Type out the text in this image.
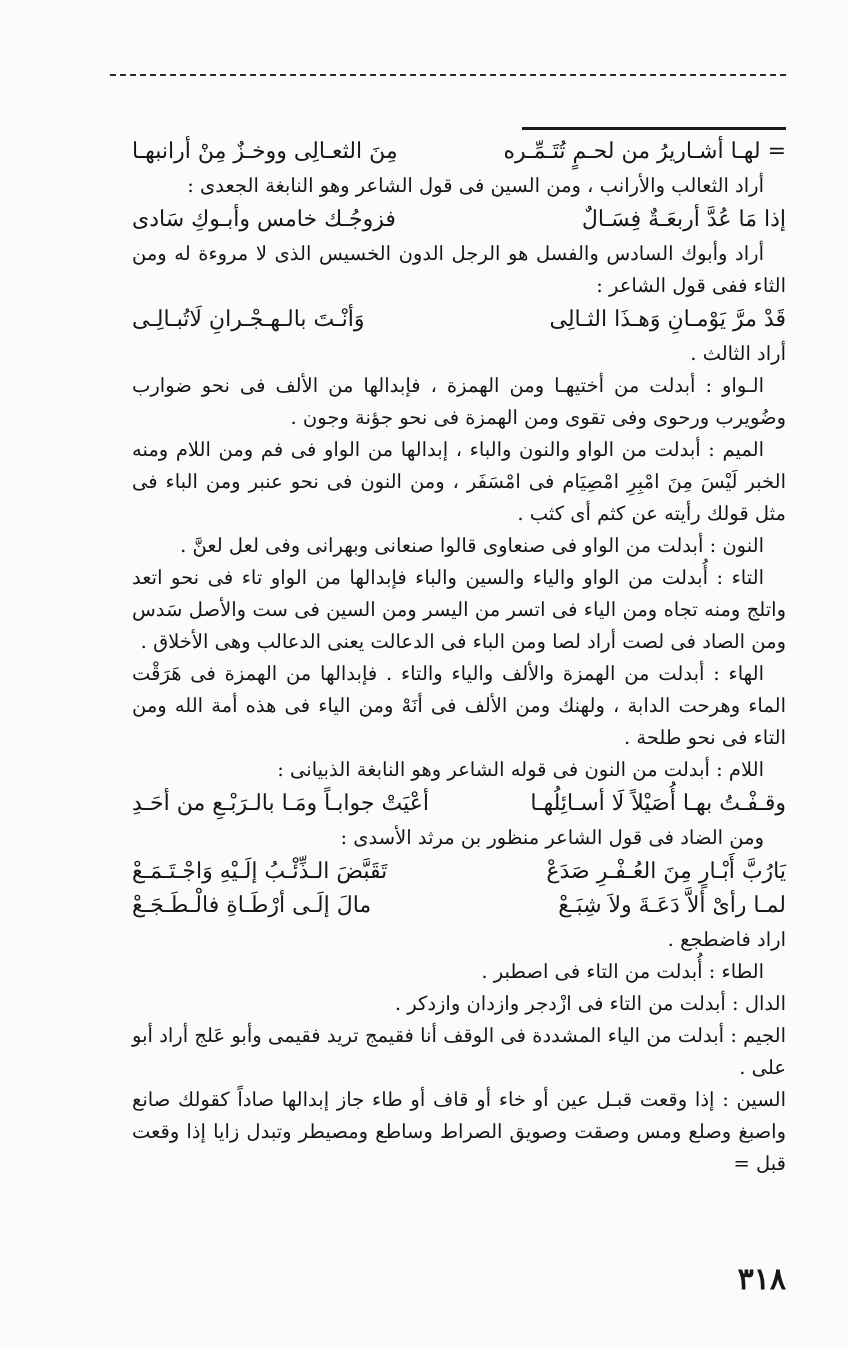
= لهـا أشـاريرُ من لحـمٍ تُتَـمِّـره
مِنَ الثعـالِى ووخـزٌ مِنْ أرانبهـا

أراد الثعالب والأرانب ، ومن السين فى قول الشاعر وهو النابغة الجعدى :

إذا مَا عُدَّ أربعَـةٌ فِسَـالٌ
فزوجُـك خامس وأبـوكِ سَادى

أراد وأبوك السادس والفسل هو الرجل الدون الخسيس الذى لا مروءة له ومن الثاء ففى قول الشاعر :

قَدْ مرَّ يَوْمـانِ وَهـذَا الثـالِى
وَأنْـتَ بالـهـجْـرانِ لَاتُبـالِـى

أراد الثالث .

الـواو : أبدلت من أختيهـا ومن الهمزة ، فإبدالها من الألف فى نحو ضوارب وضُويرب ورحوى وفى تقوى ومن الهمزة فى نحو جؤنة وجون .

الميم : أبدلت من الواو والنون والباء ، إبدالها من الواو فى فم ومن اللام ومنه الخبر لَيْسَ مِنَ امْبِرِ امْصِيَام فى امْسَفَر ، ومن النون فى نحو عنبر ومن الباء فى مثل قولك رأيته عن كثم أى كثب .

النون : أبدلت من الواو فى صنعاوى قالوا صنعانى وبهرانى وفى لعل لعنَّ .

التاء : أُبدلت من الواو والياء والسين والباء فإبدالها من الواو تاء فى نحو اتعد واتلج ومنه تجاه ومن الياء فى اتسر من اليسر ومن السين فى ست والأصل سَدس ومن الصاد فى لصت أراد لصا ومن الباء فى الدعالت يعنى الدعالب وهى الأخلاق .

الهاء : أبدلت من الهمزة والألف والياء والتاء . فإبدالها من الهمزة فى هَرَقْت الماء وهرحت الدابة ، ولهنك ومن الألف فى أنَهْ ومن الياء فى هذه أمة الله ومن التاء فى نحو طلحة .

اللام : أبدلت من النون فى قوله الشاعر وهو النابغة الذبيانى :

وقـفْـتُ بهـا أُصَيْلاً لَا أسـائِلُهـا
أعْيَتْ جوابـاً ومَـا بالـرَبْـعِ من أحَـدِ

ومن الضاد فى قول الشاعر منظور بن مرثد الأسدى :

يَارُبَّ أَبْـارٍ مِنَ العُـفْـرِ صَدَعْ
تَقَبَّضَ الـذِّئْـبُ إلَـيْهِ وَاجْـتَـمَـعْ
لمـا رأىْ ألاَّ دَعَـةَ ولاَ شِبَـعْ
مالَ إلَـى أرْطَـاةِ فالْـطَـجَـعْ

اراد فاضطجع .

الطاء : أُبدلت من التاء فى اصطبر .

الدال : أبدلت من التاء فى ازْدجر وازدان وازدكر .

الجيم : أبدلت من الياء المشددة فى الوقف أنا فقيمج تريد فقيمى وأبو عَلج أراد أبو على .

السين : إذا وقعت قبـل عين أو خاء أو قاف أو طاء جاز إبدالها صاداً كقولك صانع واصبغ وصلع ومس وصقت وصويق الصراط وساطع ومصيطر وتبدل زايا إذا وقعت قبل =

٣١٨
